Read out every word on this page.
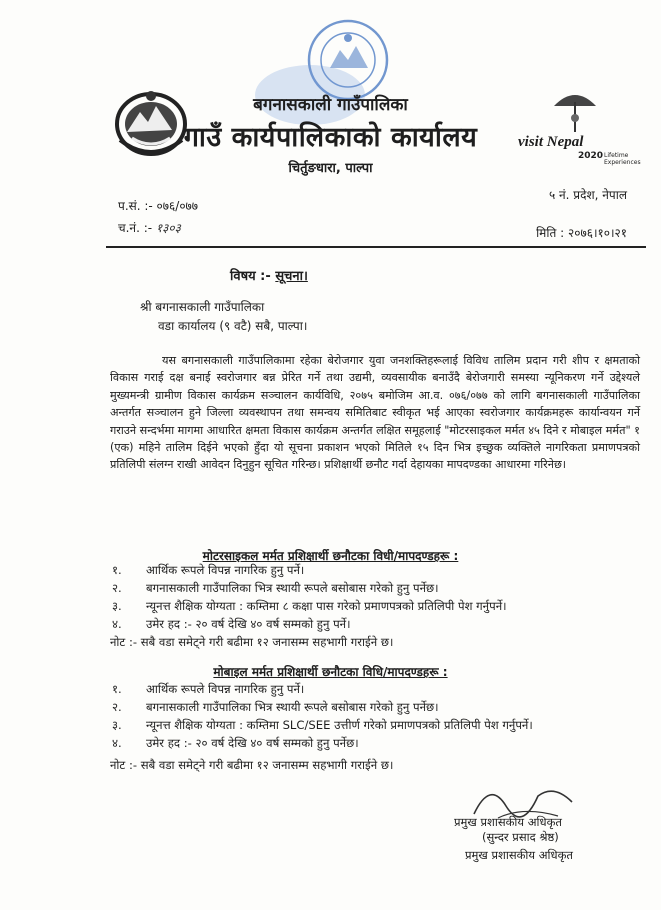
visit Nepal
2020 Lifetime Experiences
बगनासकाली गाउँपालिका
गाउँ कार्यपालिकाको कार्यालय
चिर्तुङधारा, पाल्पा
प.सं. :- ०७६/०७७
च.नं. :- १३०३
५ नं. प्रदेश, नेपाल
मिति : २०७६।१०।२१
विषय :- सूचना।
श्री बगनासकाली गाउँपालिका
वडा कार्यालय (९ वटै) सबै, पाल्पा।
यस बगनासकाली गाउँपालिकामा रहेका बेरोजगार युवा जनशक्तिहरूलाई विविध तालिम प्रदान गरी शीप र क्षमताको विकास गराई दक्ष बनाई स्वरोजगार बन्न प्रेरित गर्ने तथा उद्यमी, व्यवसायीक बनाउँदै बेरोजगारी समस्या न्यूनिकरण गर्ने उद्देश्यले मुख्यमन्त्री ग्रामीण विकास कार्यक्रम सञ्चालन कार्यविधि, २०७५ बमोजिम आ.व. ०७६/०७७ को लागि बगनासकाली गाउँपालिका अन्तर्गत सञ्चालन हुने जिल्ला व्यवस्थापन तथा समन्वय समितिबाट स्वीकृत भई आएका स्वरोजगार कार्यक्रमहरू कार्यान्वयन गर्ने गराउने सन्दर्भमा मागमा आधारित क्षमता विकास कार्यक्रम अन्तर्गत लक्षित समूहलाई "मोटरसाइकल मर्मत ४५ दिने र मोबाइल मर्मत" १ (एक) महिने तालिम दिईने भएको हुँदा यो सूचना प्रकाशन भएको मितिले १५ दिन भित्र इच्छुक व्यक्तिले नागरिकता प्रमाणपत्रको प्रतिलिपी संलग्न राखी आवेदन दिनुहुन सूचित गरिन्छ। प्रशिक्षार्थी छनौट गर्दा देहायका मापदण्डका आधारमा गरिनेछ।
मोटरसाइकल मर्मत प्रशिक्षार्थी छनौटका विधी/मापदण्डहरू :
१. आर्थिक रूपले विपन्न नागरिक हुनु पर्ने।
२. बगनासकाली गाउँपालिका भित्र स्थायी रूपले बसोबास गरेको हुनु पर्नेछ।
३. न्यूनत्त शैक्षिक योग्यता : कम्तिमा ८ कक्षा पास गरेको प्रमाणपत्रको प्रतिलिपी पेश गर्नुपर्ने।
४. उमेर हद :- २० वर्ष देखि ४० वर्ष सम्मको हुनु पर्ने।
नोट :- सबै वडा समेट्ने गरी बढीमा १२ जनासम्म सहभागी गराईने छ।
मोबाइल मर्मत प्रशिक्षार्थी छनौटका विधि/मापदण्डहरू :
१. आर्थिक रूपले विपन्न नागरिक हुनु पर्ने।
२. बगनासकाली गाउँपालिका भित्र स्थायी रूपले बसोबास गरेको हुनु पर्नेछ।
३. न्यूनत्त शैक्षिक योग्यता : कम्तिमा SLC/SEE उत्तीर्ण गरेको प्रमाणपत्रको प्रतिलिपी पेश गर्नुपर्ने।
४. उमेर हद :- २० वर्ष देखि ४० वर्ष सम्मको हुनु पर्नेछ।
नोट :- सबै वडा समेट्ने गरी बढीमा १२ जनासम्म सहभागी गराईने छ।
प्रमुख प्रशासकीय अधिकृत
(सुन्दर प्रसाद श्रेष्ठ)
प्रमुख प्रशासकीय अधिकृत
